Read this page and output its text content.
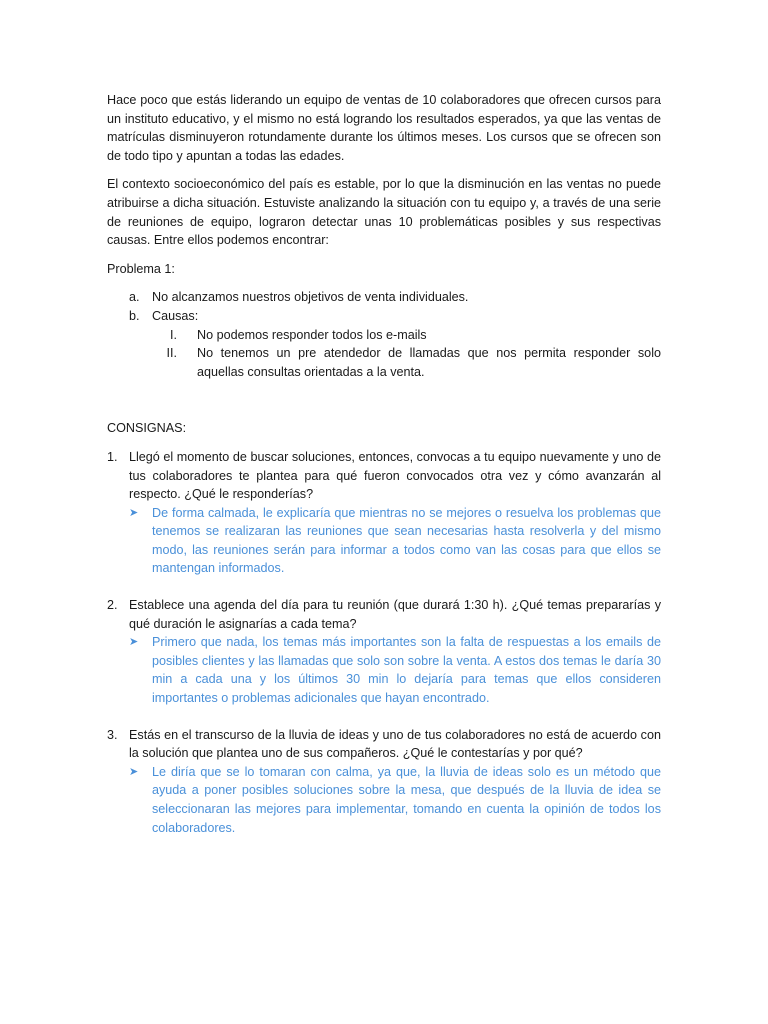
Hace poco que estás liderando un equipo de ventas de 10 colaboradores que ofrecen cursos para un instituto educativo, y el mismo no está logrando los resultados esperados, ya que las ventas de matrículas disminuyeron rotundamente durante los últimos meses. Los cursos que se ofrecen son de todo tipo y apuntan a todas las edades.

El contexto socioeconómico del país es estable, por lo que la disminución en las ventas no puede atribuirse a dicha situación. Estuviste analizando la situación con tu equipo y, a través de una serie de reuniones de equipo, lograron detectar unas 10 problemáticas posibles y sus respectivas causas. Entre ellos podemos encontrar:

Problema 1:

a. No alcanzamos nuestros objetivos de venta individuales.
b. Causas:
I. No podemos responder todos los e-mails
II. No tenemos un pre atendedor de llamadas que nos permita responder solo aquellas consultas orientadas a la venta.

CONSIGNAS:

1. Llegó el momento de buscar soluciones, entonces, convocas a tu equipo nuevamente y uno de tus colaboradores te plantea para qué fueron convocados otra vez y cómo avanzarán al respecto. ¿Qué le responderías?
➤ De forma calmada, le explicaría que mientras no se mejores o resuelva los problemas que tenemos se realizaran las reuniones que sean necesarias hasta resolverla y del mismo modo, las reuniones serán para informar a todos como van las cosas para que ellos se mantengan informados.
2. Establece una agenda del día para tu reunión (que durará 1:30 h). ¿Qué temas prepararías y qué duración le asignarías a cada tema?
➤ Primero que nada, los temas más importantes son la falta de respuestas a los emails de posibles clientes y las llamadas que solo son sobre la venta. A estos dos temas le daría 30 min a cada una y los últimos 30 min lo dejaría para temas que ellos consideren importantes o problemas adicionales que hayan encontrado.
3. Estás en el transcurso de la lluvia de ideas y uno de tus colaboradores no está de acuerdo con la solución que plantea uno de sus compañeros. ¿Qué le contestarías y por qué?
➤ Le diría que se lo tomaran con calma, ya que, la lluvia de ideas solo es un método que ayuda a poner posibles soluciones sobre la mesa, que después de la lluvia de idea se seleccionaran las mejores para implementar, tomando en cuenta la opinión de todos los colaboradores.
